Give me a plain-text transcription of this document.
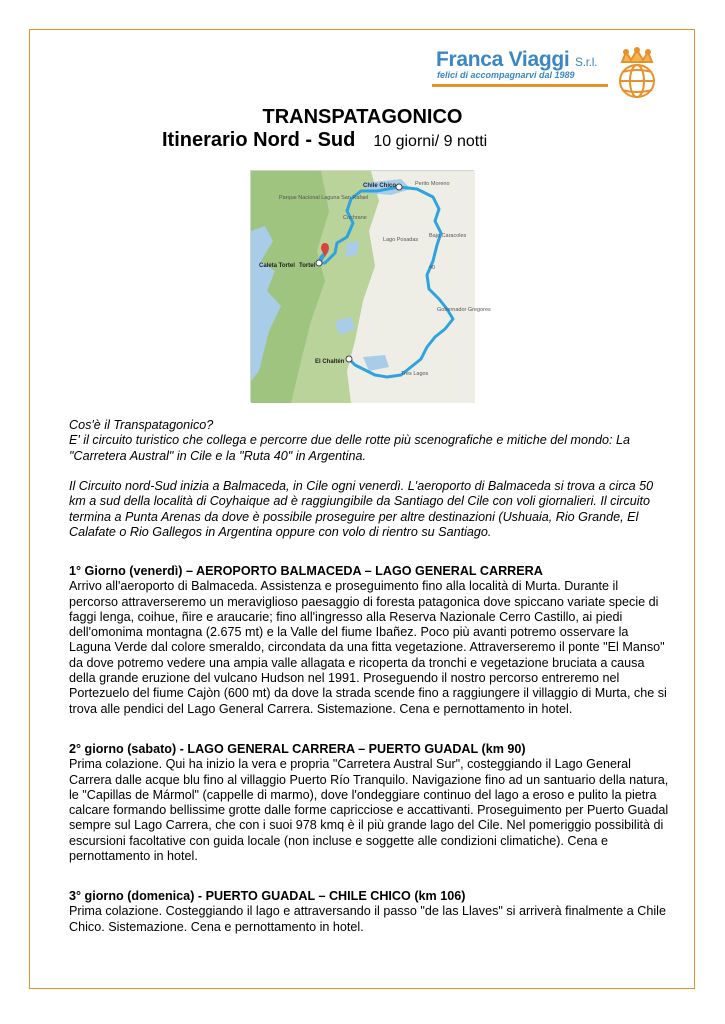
Franca Viaggi S.r.l.
felici di accompagnarvi dal 1989
TRANSPATAGONICO
Itinerario Nord - Sud 10 giorni/ 9 notti
Chile Chico
Caleta Tortel Tortel
El Chaltén
Perito Moreno
Gobernador Gregores
Tres Lagos
Cochrane
Parque Nacional Laguna San Rafael
Lago Posadas
Bajo Caracoles
40

Cos'è il Transpatagonico?

E' il circuito turistico che collega e percorre due delle rotte più scenografiche e mitiche del mondo: La "Carretera Austral" in Cile e la "Ruta 40" in Argentina.

Il Circuito nord-Sud inizia a Balmaceda, in Cile ogni venerdì. L'aeroporto di Balmaceda si trova a circa 50 km a sud della località di Coyhaique ad è raggiungibile da Santiago del Cile con voli giornalieri. Il circuito termina a Punta Arenas da dove è possibile proseguire per altre destinazioni (Ushuaia, Rio Grande, El Calafate o Rio Gallegos in Argentina oppure con volo di rientro su Santiago.

1° Giorno (venerdì) – AEROPORTO BALMACEDA – LAGO GENERAL CARRERA

Arrivo all'aeroporto di Balmaceda. Assistenza e proseguimento fino alla località di Murta. Durante il percorso attraverseremo un meraviglioso paesaggio di foresta patagonica dove spiccano variate specie di faggi lenga, coihue, ñire e araucarie; fino all'ingresso alla Reserva Nazionale Cerro Castillo, ai piedi dell'omonima montagna (2.675 mt) e la Valle del fiume Ibañez. Poco più avanti potremo osservare la Laguna Verde dal colore smeraldo, circondata da una fitta vegetazione. Attraverseremo il ponte "El Manso" da dove potremo vedere una ampia valle allagata e ricoperta da tronchi e vegetazione bruciata a causa della grande eruzione del vulcano Hudson nel 1991. Proseguendo il nostro percorso entreremo nel Portezuelo del fiume Cajòn (600 mt) da dove la strada scende fino a raggiungere il villaggio di Murta, che si trova alle pendici del Lago General Carrera. Sistemazione. Cena e pernottamento in hotel.

2° giorno (sabato) - LAGO GENERAL CARRERA – PUERTO GUADAL (km 90)

Prima colazione. Qui ha inizio la vera e propria "Carretera Austral Sur", costeggiando il Lago General Carrera dalle acque blu fino al villaggio Puerto Río Tranquilo. Navigazione fino ad un santuario della natura, le "Capillas de Mármol" (cappelle di marmo), dove l'ondeggiare continuo del lago a eroso e pulito la pietra calcare formando bellissime grotte dalle forme capricciose e accattivanti. Proseguimento per Puerto Guadal sempre sul Lago Carrera, che con i suoi 978 kmq è il più grande lago del Cile. Nel pomeriggio possibilità di escursioni facoltative con guida locale (non incluse e soggette alle condizioni climatiche). Cena e pernottamento in hotel.

3° giorno (domenica) - PUERTO GUADAL – CHILE CHICO (km 106)

Prima colazione. Costeggiando il lago e attraversando il passo "de las Llaves" si arriverà finalmente a Chile Chico. Sistemazione. Cena e pernottamento in hotel.
